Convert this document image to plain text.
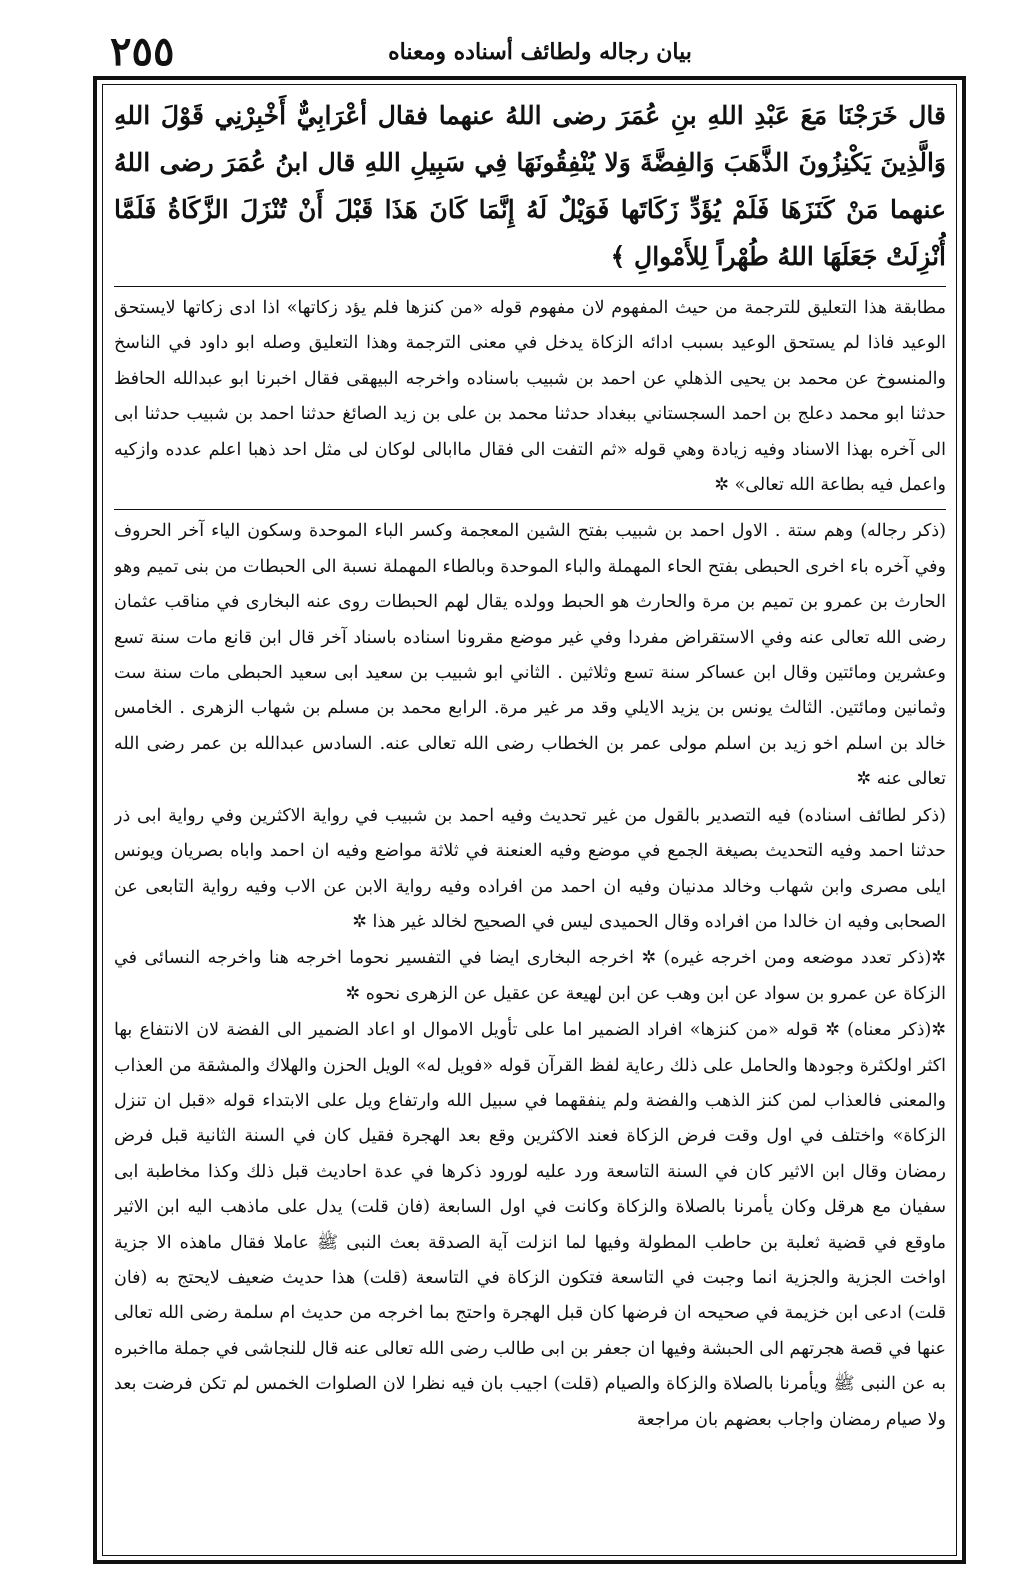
٢٥٥	بيان رجاله ولطائف أسناده ومعناه

قال خَرَجْنَا مَعَ عَبْدِ اللهِ بنِ عُمَرَ رضى اللهُ عنهما فقال أعْرَابِيٌّ أَخْبِرْنِي قَوْلَ اللهِ وَالَّذِينَ يَكْنِزُونَ الذَّهَبَ وَالفِضَّةَ وَلا يُنْفِقُونَهَا فِي سَبِيلِ اللهِ قال ابنُ عُمَرَ رضى اللهُ عنهما مَنْ كَنَزَهَا فَلَمْ يُؤَدِّ زَكَاتَها فَوَيْلٌ لَهُ إِنَّمَا كَانَ هَذَا قَبْلَ أَنْ تُنْزَلَ الزَّكَاةُ فَلَمَّا أُنْزِلَتْ جَعَلَهَا اللهُ طُهْراً لِلأَمْوالِ ﴾

مطابقة هذا التعليق للترجمة من حيث المفهوم لان مفهوم قوله «من كنزها فلم يؤد زكاتها» اذا ادى زكاتها لايستحق الوعيد فاذا لم يستحق الوعيد بسبب ادائه الزكاة يدخل في معنى الترجمة وهذا التعليق وصله ابو داود في الناسخ والمنسوخ عن محمد بن يحيى الذهلي عن احمد بن شبيب باسناده واخرجه البيهقى فقال اخبرنا ابو عبدالله الحافظ حدثنا ابو محمد دعلج بن احمد السجستاني ببغداد حدثنا محمد بن على بن زيد الصائغ حدثنا احمد بن شبيب حدثنا ابى الى آخره بهذا الاسناد وفيه زيادة وهي قوله «ثم التفت الى فقال ماابالى لوكان لى مثل احد ذهبا اعلم عدده وازكيه واعمل فيه بطاعة الله تعالى» ✲

(ذكر رجاله) وهم ستة . الاول احمد بن شبيب بفتح الشين المعجمة وكسر الباء الموحدة وسكون الياء آخر الحروف وفي آخره باء اخرى الحبطى بفتح الحاء المهملة والباء الموحدة وبالطاء المهملة نسبة الى الحبطات من بنى تميم وهو الحارث بن عمرو بن تميم بن مرة والحارث هو الحبط وولده يقال لهم الحبطات روى عنه البخارى في مناقب عثمان رضى الله تعالى عنه وفي الاستقراض مفردا وفي غير موضع مقرونا اسناده باسناد آخر قال ابن قانع مات سنة تسع وعشرين ومائتين وقال ابن عساكر سنة تسع وثلاثين . الثاني ابو شبيب بن سعيد ابى سعيد الحبطى مات سنة ست وثمانين ومائتين. الثالث يونس بن يزيد الايلي وقد مر غير مرة. الرابع محمد بن مسلم بن شهاب الزهرى . الخامس خالد بن اسلم اخو زيد بن اسلم مولى عمر بن الخطاب رضى الله تعالى عنه. السادس عبدالله بن عمر رضى الله تعالى عنه ✲

(ذكر لطائف اسناده) فيه التصدير بالقول من غير تحديث وفيه احمد بن شبيب في رواية الاكثرين وفي رواية ابى ذر حدثنا احمد وفيه التحديث بصيغة الجمع في موضع وفيه العنعنة في ثلاثة مواضع وفيه ان احمد واباه بصريان ويونس ايلى مصرى وابن شهاب وخالد مدنيان وفيه ان احمد من افراده وفيه رواية الابن عن الاب وفيه رواية التابعى عن الصحابى وفيه ان خالدا من افراده وقال الحميدى ليس في الصحيح لخالد غير هذا ✲

✲(ذكر تعدد موضعه ومن اخرجه غيره) ✲ اخرجه البخارى ايضا في التفسير نحوما اخرجه هنا واخرجه النسائى في الزكاة عن عمرو بن سواد عن ابن وهب عن ابن لهيعة عن عقيل عن الزهرى نحوه ✲

✲(ذكر معناه) ✲ قوله «من كنزها» افراد الضمير اما على تأويل الاموال او اعاد الضمير الى الفضة لان الانتفاع بها اكثر اولكثرة وجودها والحامل على ذلك رعاية لفظ القرآن قوله «فويل له» الويل الحزن والهلاك والمشقة من العذاب والمعنى فالعذاب لمن كنز الذهب والفضة ولم ينفقهما في سبيل الله وارتفاع ويل على الابتداء قوله «قبل ان تنزل الزكاة» واختلف في اول وقت فرض الزكاة فعند الاكثرين وقع بعد الهجرة فقيل كان في السنة الثانية قبل فرض رمضان وقال ابن الاثير كان في السنة التاسعة ورد عليه لورود ذكرها في عدة احاديث قبل ذلك وكذا مخاطبة ابى سفيان مع هرقل وكان يأمرنا بالصلاة والزكاة وكانت في اول السابعة (فان قلت) يدل على ماذهب اليه ابن الاثير ماوقع في قضية ثعلبة بن حاطب المطولة وفيها لما انزلت آية الصدقة بعث النبى ﷺ عاملا فقال ماهذه الا جزية اواخت الجزية والجزية انما وجبت في التاسعة فتكون الزكاة في التاسعة (قلت) هذا حديث ضعيف لايحتج به (فان قلت) ادعى ابن خزيمة في صحيحه ان فرضها كان قبل الهجرة واحتج بما اخرجه من حديث ام سلمة رضى الله تعالى عنها في قصة هجرتهم الى الحبشة وفيها ان جعفر بن ابى طالب رضى الله تعالى عنه قال للنجاشى في جملة مااخبره به عن النبى ﷺ ويأمرنا بالصلاة والزكاة والصيام (قلت) اجيب بان فيه نظرا لان الصلوات الخمس لم تكن فرضت بعد ولا صيام رمضان واجاب بعضهم بان مراجعة
